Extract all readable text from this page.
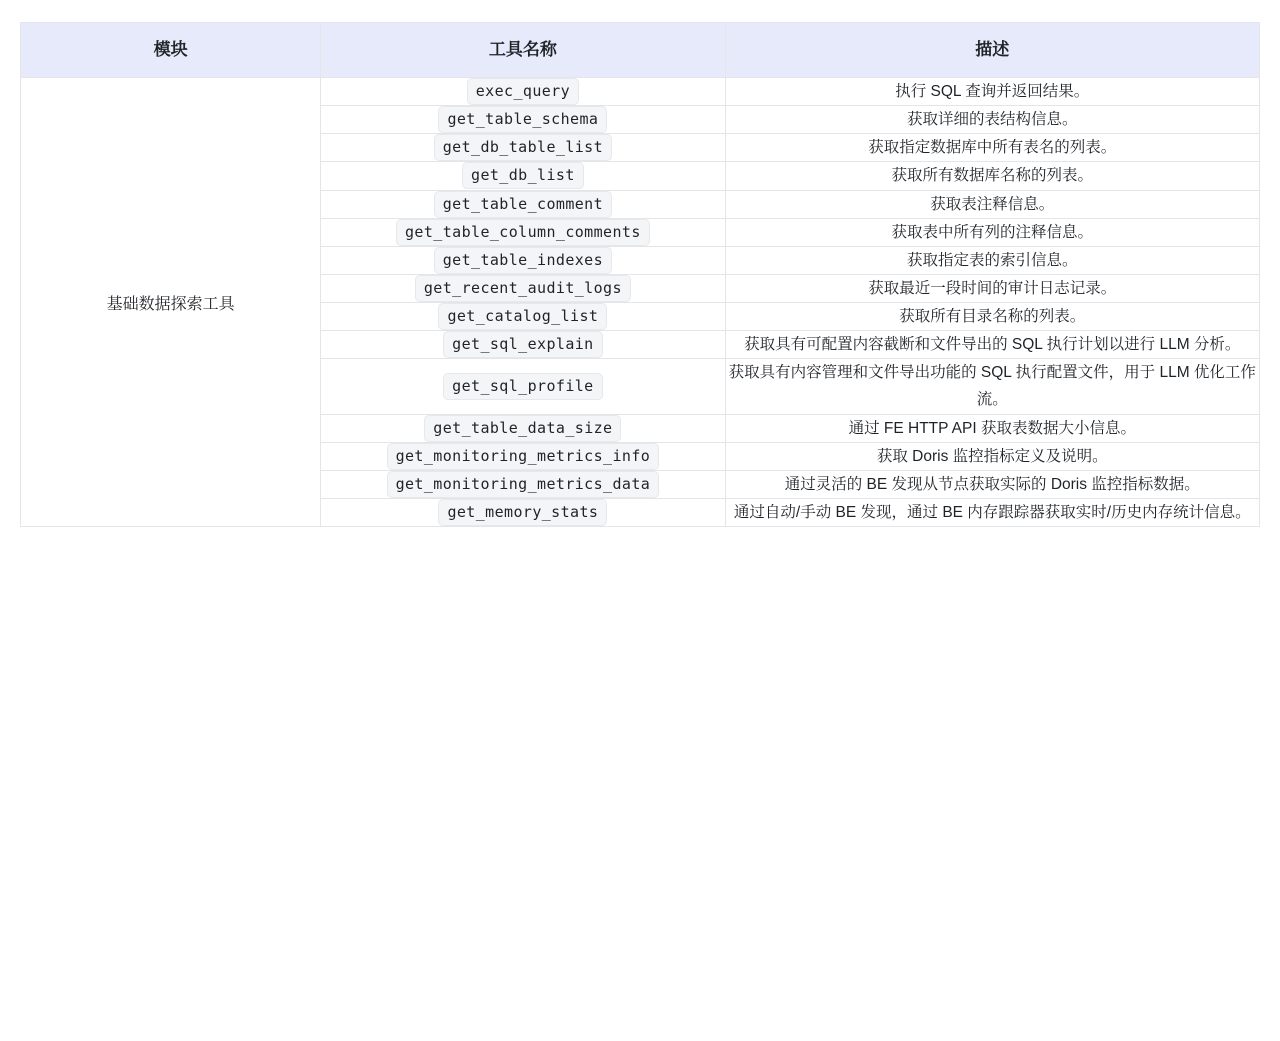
模块	工具名称	描述
基础数据探索工具	exec_query	执行 SQL 查询并返回结果。
	get_table_schema	获取详细的表结构信息。
	get_db_table_list	获取指定数据库中所有表名的列表。
	get_db_list	获取所有数据库名称的列表。
	get_table_comment	获取表注释信息。
	get_table_column_comments	获取表中所有列的注释信息。
	get_table_indexes	获取指定表的索引信息。
	get_recent_audit_logs	获取最近一段时间的审计日志记录。
	get_catalog_list	获取所有目录名称的列表。
	get_sql_explain	获取具有可配置内容截断和文件导出的 SQL 执行计划以进行 LLM 分析。
	get_sql_profile	获取具有内容管理和文件导出功能的 SQL 执行配置文件，用于 LLM 优化工作流。
	get_table_data_size	通过 FE HTTP API 获取表数据大小信息。
	get_monitoring_metrics_info	获取 Doris 监控指标定义及说明。
	get_monitoring_metrics_data	通过灵活的 BE 发现从节点获取实际的 Doris 监控指标数据。
	get_memory_stats	通过自动/手动 BE 发现，通过 BE 内存跟踪器获取实时/历史内存统计信息。
